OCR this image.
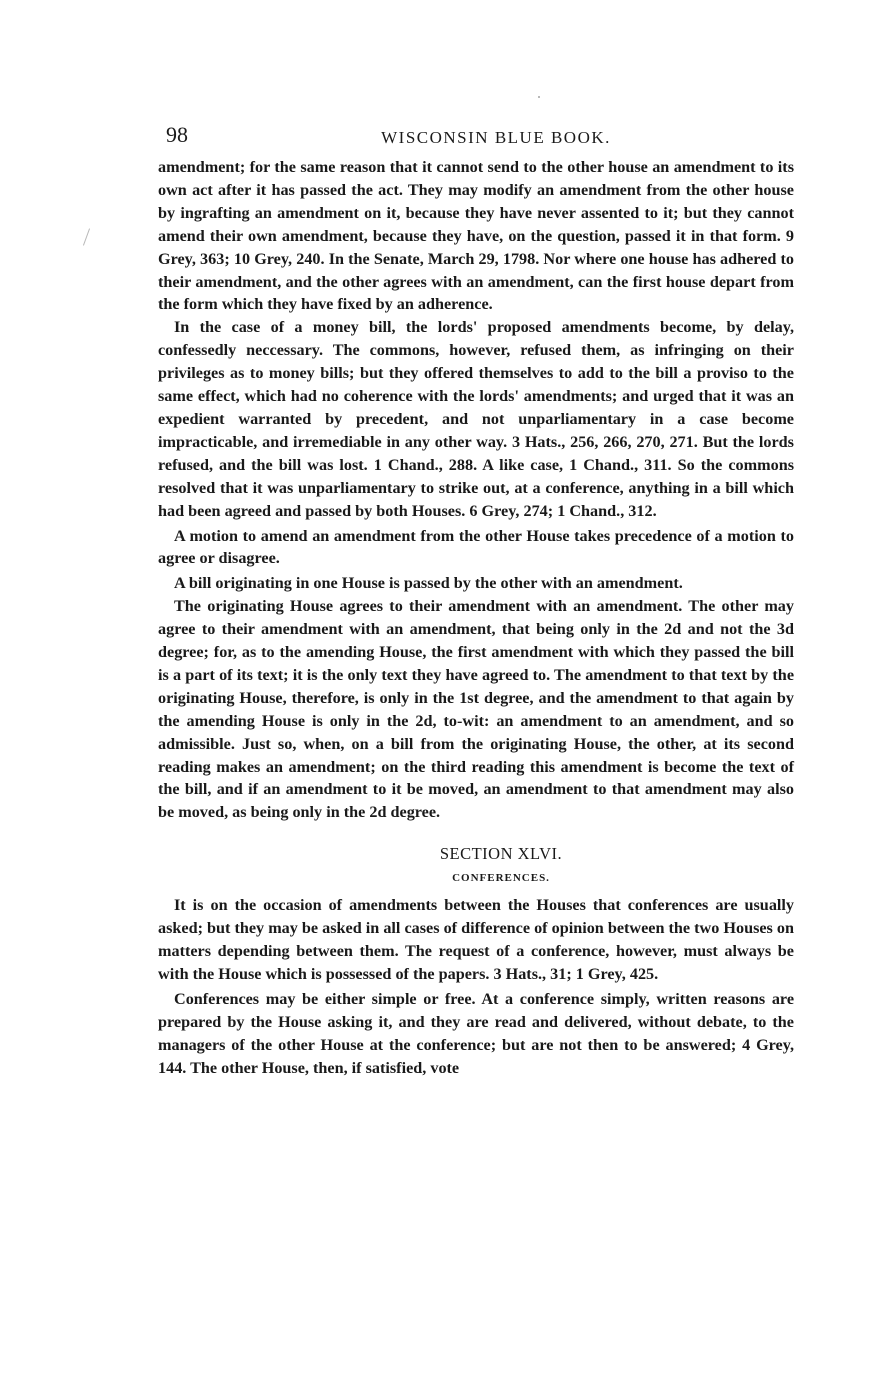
98	WISCONSIN BLUE BOOK.

amendment; for the same reason that it cannot send to the other house an amendment to its own act after it has passed the act. They may modify an amendment from the other house by ingrafting an amendment on it, because they have never assented to it; but they cannot amend their own amendment, because they have, on the question, passed it in that form. 9 Grey, 363; 10 Grey, 240. In the Senate, March 29, 1798. Nor where one house has adhered to their amendment, and the other agrees with an amendment, can the first house depart from the form which they have fixed by an adherence.

In the case of a money bill, the lords' proposed amendments become, by delay, confessedly neccessary. The commons, however, refused them, as infringing on their privileges as to money bills; but they offered themselves to add to the bill a proviso to the same effect, which had no coherence with the lords' amendments; and urged that it was an expedient warranted by precedent, and not unparliamentary in a case become impracticable, and irremediable in any other way. 3 Hats., 256, 266, 270, 271. But the lords refused, and the bill was lost. 1 Chand., 288. A like case, 1 Chand., 311. So the commons resolved that it was unparliamentary to strike out, at a conference, anything in a bill which had been agreed and passed by both Houses. 6 Grey, 274; 1 Chand., 312.

A motion to amend an amendment from the other House takes precedence of a motion to agree or disagree.

A bill originating in one House is passed by the other with an amendment.

The originating House agrees to their amendment with an amendment. The other may agree to their amendment with an amendment, that being only in the 2d and not the 3d degree; for, as to the amending House, the first amendment with which they passed the bill is a part of its text; it is the only text they have agreed to. The amendment to that text by the originating House, therefore, is only in the 1st degree, and the amendment to that again by the amending House is only in the 2d, to-wit: an amendment to an amendment, and so admissible. Just so, when, on a bill from the originating House, the other, at its second reading makes an amendment; on the third reading this amendment is become the text of the bill, and if an amendment to it be moved, an amendment to that amendment may also be moved, as being only in the 2d degree.

SECTION XLVI.
CONFERENCES.

It is on the occasion of amendments between the Houses that conferences are usually asked; but they may be asked in all cases of difference of opinion between the two Houses on matters depending between them. The request of a conference, however, must always be with the House which is possessed of the papers. 3 Hats., 31; 1 Grey, 425.

Conferences may be either simple or free. At a conference simply, written reasons are prepared by the House asking it, and they are read and delivered, without debate, to the managers of the other House at the conference; but are not then to be answered; 4 Grey, 144. The other House, then, if satisfied, vote
